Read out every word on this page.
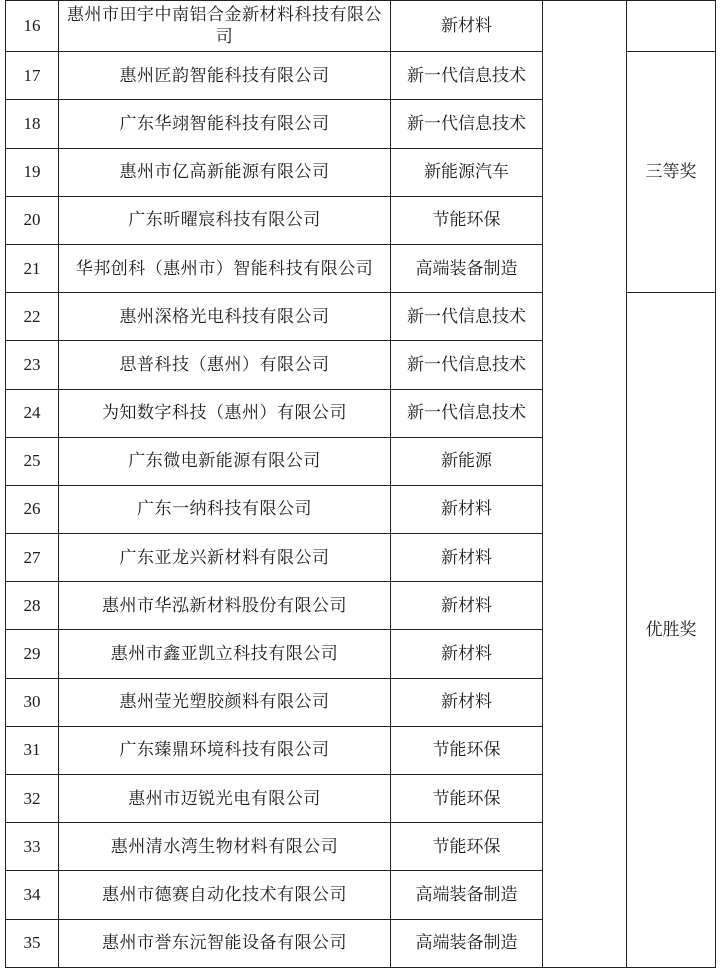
16	惠州市田宇中南铝合金新材料科技有限公司	新材料		
17	惠州匠韵智能科技有限公司	新一代信息技术		三等奖
18	广东华翊智能科技有限公司	新一代信息技术		
19	惠州市亿高新能源有限公司	新能源汽车		
20	广东昕曜宸科技有限公司	节能环保		
21	华邦创科（惠州市）智能科技有限公司	高端装备制造		
22	惠州深格光电科技有限公司	新一代信息技术		优胜奖
23	思普科技（惠州）有限公司	新一代信息技术		
24	为知数字科技（惠州）有限公司	新一代信息技术		
25	广东微电新能源有限公司	新能源		
26	广东一纳科技有限公司	新材料		
27	广东亚龙兴新材料有限公司	新材料		
28	惠州市华泓新材料股份有限公司	新材料		
29	惠州市鑫亚凯立科技有限公司	新材料		
30	惠州莹光塑胶颜料有限公司	新材料		
31	广东臻鼎环境科技有限公司	节能环保		
32	惠州市迈锐光电有限公司	节能环保		
33	惠州清水湾生物材料有限公司	节能环保		
34	惠州市德赛自动化技术有限公司	高端装备制造		
35	惠州市誉东沅智能设备有限公司	高端装备制造		
